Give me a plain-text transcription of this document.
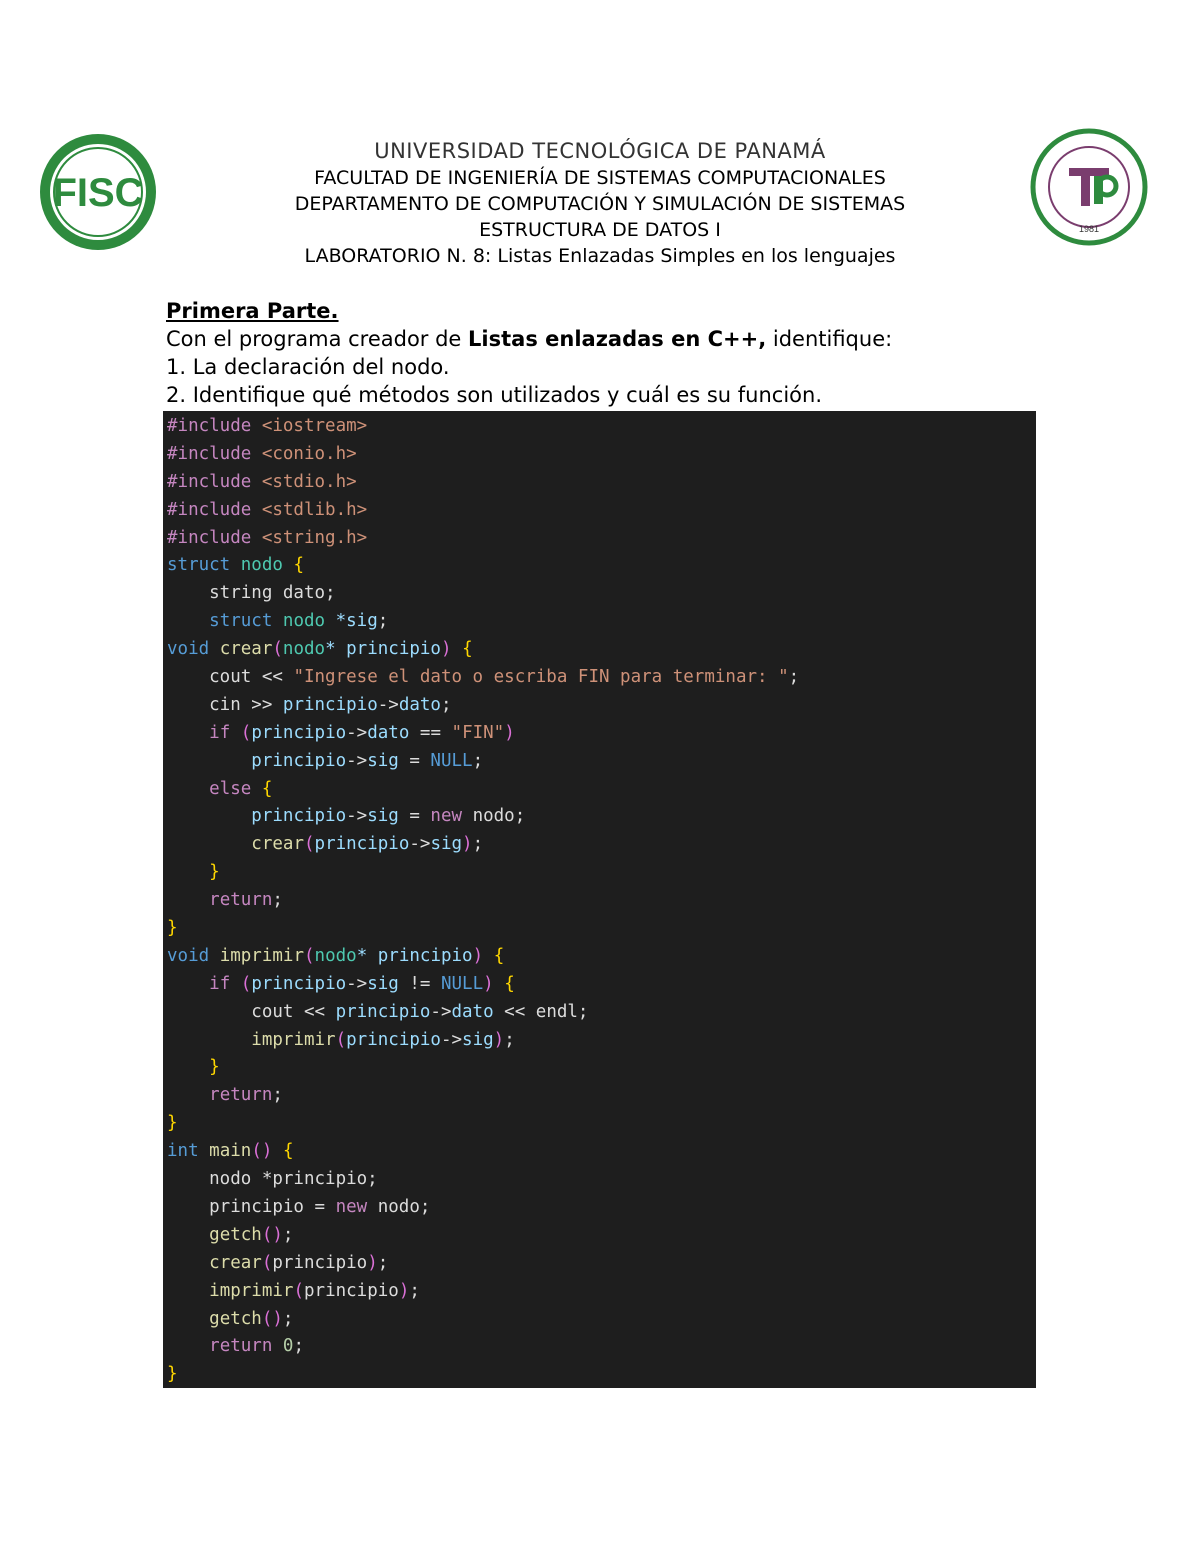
FISC
1981
UNIVERSIDAD TECNOLÓGICA DE PANAMÁ
FACULTAD DE INGENIERÍA DE SISTEMAS COMPUTACIONALES
DEPARTAMENTO DE COMPUTACIÓN Y SIMULACIÓN DE SISTEMAS
ESTRUCTURA DE DATOS I
LABORATORIO N. 8: Listas Enlazadas Simples en los lenguajes
Primera Parte.
Con el programa creador de Listas enlazadas en C++, identifique:
1. La declaración del nodo.
2. Identifique qué métodos son utilizados y cuál es su función.
#include <iostream>
#include <conio.h>
#include <stdio.h>
#include <stdlib.h>
#include <string.h>
struct nodo {
string dato;
struct nodo *sig;
void crear(nodo* principio) {
cout << "Ingrese el dato o escriba FIN para terminar: ";
cin >> principio->dato;
if (principio->dato == "FIN")
principio->sig = NULL;
else {
principio->sig = new nodo;
crear(principio->sig);
}
return;
}
void imprimir(nodo* principio) {
if (principio->sig != NULL) {
cout << principio->dato << endl;
imprimir(principio->sig);
}
return;
}
int main() {
nodo *principio;
principio = new nodo;
getch();
crear(principio);
imprimir(principio);
getch();
return 0;
}
